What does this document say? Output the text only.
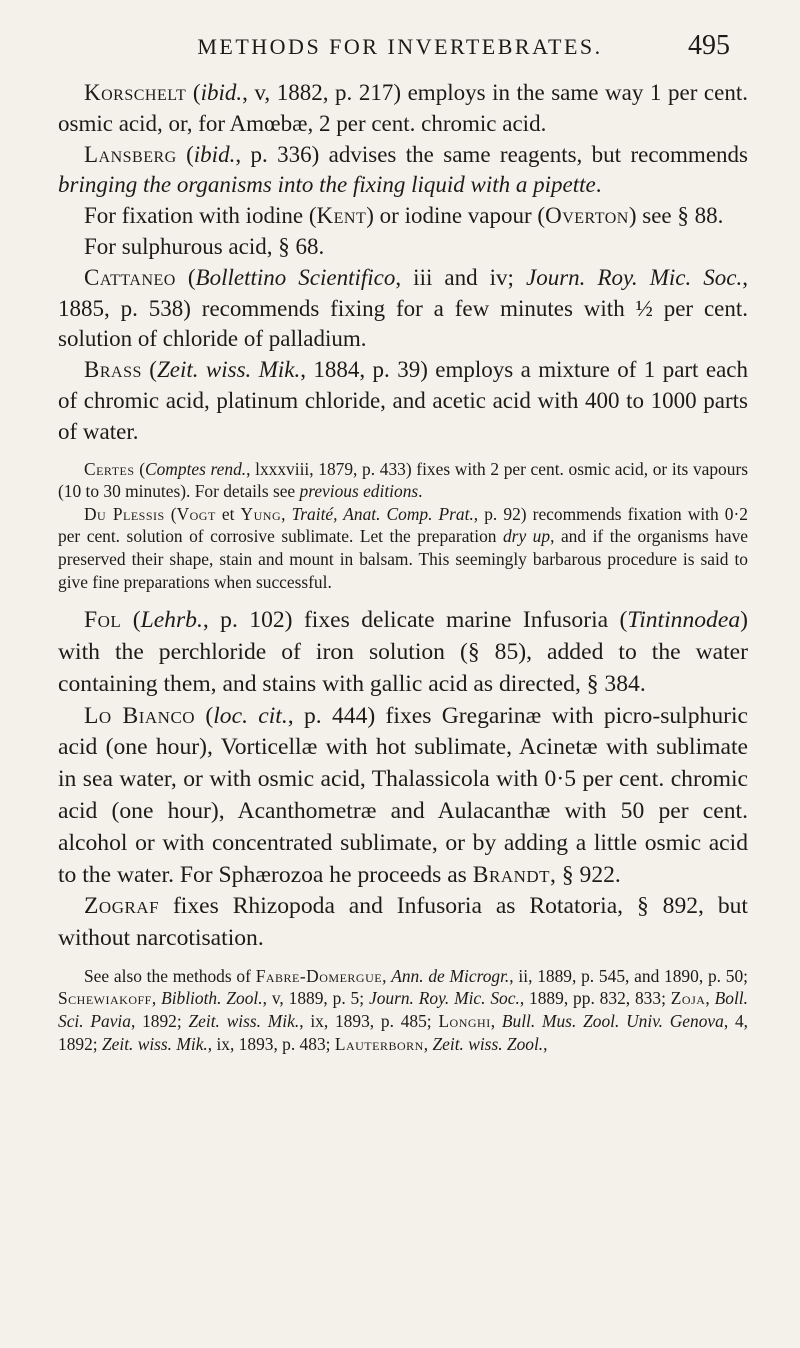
METHODS FOR INVERTEBRATES.	495

Korschelt (ibid., v, 1882, p. 217) employs in the same way 1 per cent. osmic acid, or, for Amœbæ, 2 per cent. chromic acid.

Lansberg (ibid., p. 336) advises the same reagents, but recommends bringing the organisms into the fixing liquid with a pipette.

For fixation with iodine (Kent) or iodine vapour (Overton) see § 88.

For sulphurous acid, § 68.

Cattaneo (Bollettino Scientifico, iii and iv; Journ. Roy. Mic. Soc., 1885, p. 538) recommends fixing for a few minutes with ½ per cent. solution of chloride of palladium.

Brass (Zeit. wiss. Mik., 1884, p. 39) employs a mixture of 1 part each of chromic acid, platinum chloride, and acetic acid with 400 to 1000 parts of water.

Certes (Comptes rend., lxxxviii, 1879, p. 433) fixes with 2 per cent. osmic acid, or its vapours (10 to 30 minutes). For details see previous editions.

Du Plessis (Vogt et Yung, Traité, Anat. Comp. Prat., p. 92) recommends fixation with 0·2 per cent. solution of corrosive sublimate. Let the preparation dry up, and if the organisms have preserved their shape, stain and mount in balsam. This seemingly barbarous procedure is said to give fine preparations when successful.

Fol (Lehrb., p. 102) fixes delicate marine Infusoria (Tintinnodea) with the perchloride of iron solution (§ 85), added to the water containing them, and stains with gallic acid as directed, § 384.

Lo Bianco (loc. cit., p. 444) fixes Gregarinæ with picro-sulphuric acid (one hour), Vorticellæ with hot sublimate, Acinetæ with sublimate in sea water, or with osmic acid, Thalassicola with 0·5 per cent. chromic acid (one hour), Acanthometræ and Aulacanthæ with 50 per cent. alcohol or with concentrated sublimate, or by adding a little osmic acid to the water. For Sphærozoa he proceeds as Brandt, § 922.

Zograf fixes Rhizopoda and Infusoria as Rotatoria, § 892, but without narcotisation.

See also the methods of Fabre-Domergue, Ann. de Microgr., ii, 1889, p. 545, and 1890, p. 50; Schewiakoff, Biblioth. Zool., v, 1889, p. 5; Journ. Roy. Mic. Soc., 1889, pp. 832, 833; Zoja, Boll. Sci. Pavia, 1892; Zeit. wiss. Mik., ix, 1893, p. 485; Longhi, Bull. Mus. Zool. Univ. Genova, 4, 1892; Zeit. wiss. Mik., ix, 1893, p. 483; Lauterborn, Zeit. wiss. Zool.,
